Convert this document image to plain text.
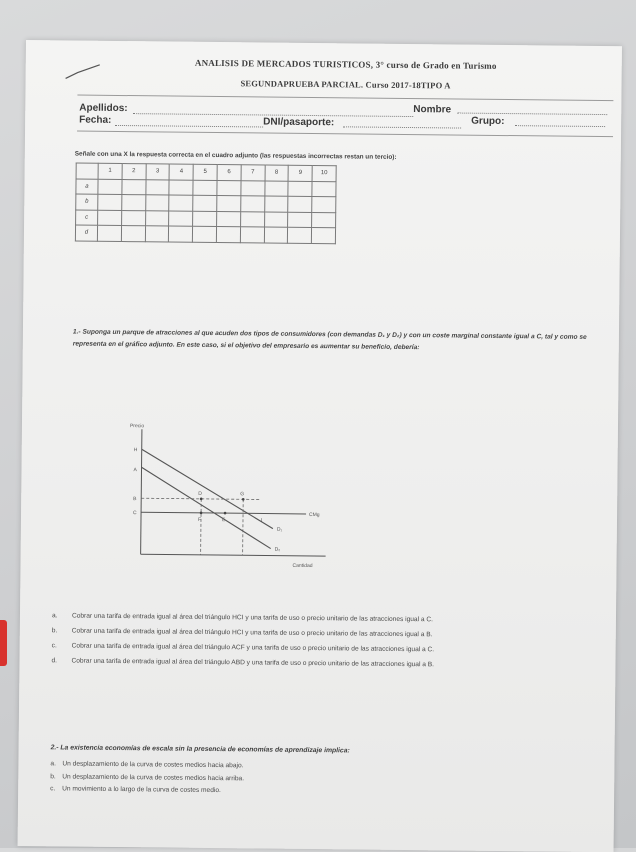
ANALISIS DE MERCADOS TURISTICOS, 3° curso de Grado en Turismo
SEGUNDAPRUEBA PARCIAL. Curso 2017-18TIPO A
Apellidos:	Nombre
Fecha:	DNI/pasaporte:	Grupo:
Señale con una X la respuesta correcta en el cuadro adjunto (las respuestas incorrectas restan un tercio):
	1	2	3	4	5	6	7	8	9	10
a										
b										
c										
d										
1.- Suponga un parque de atracciones al que acuden dos tipos de consumidores (con demandas D₁ y D₂) y con un coste marginal constante igual a C, tal y como se representa en el gráfico adjunto. En este caso, si el objetivo del empresario es aumentar su beneficio, debería:
Precio
Cantidad
H
A
B
C
D	G
F	E	I
CMg
D₁
D₂
a. Cobrar una tarifa de entrada igual al área del triángulo HCI y una tarifa de uso o precio unitario de las atracciones igual a C.
b. Cobrar una tarifa de entrada igual al área del triángulo HCI y una tarifa de uso o precio unitario de las atracciones igual a B.
c. Cobrar una tarifa de entrada igual al área del triángulo ACF y una tarifa de uso o precio unitario de las atracciones igual a C.
d. Cobrar una tarifa de entrada igual al área del triángulo ABD y una tarifa de uso o precio unitario de las atracciones igual a B.
2.- La existencia economías de escala sin la presencia de economías de aprendizaje implica:
a. Un desplazamiento de la curva de costes medios hacia abajo.
b. Un desplazamiento de la curva de costes medios hacia arriba.
c. Un movimiento a lo largo de la curva de costes medio.
